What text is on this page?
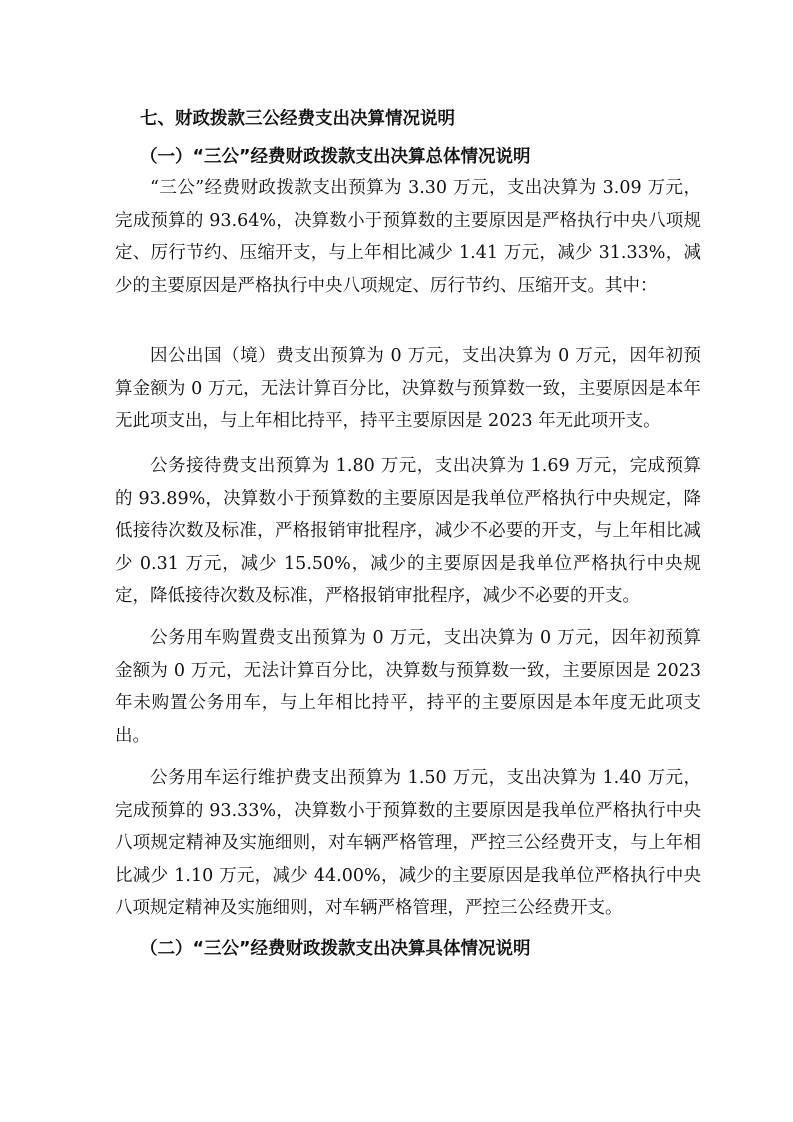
七、财政拨款三公经费支出决算情况说明
（一）“三公”经费财政拨款支出决算总体情况说明

“三公”经费财政拨款支出预算为 3.30 万元，支出决算为 3.09 万元，完成预算的 93.64%，决算数小于预算数的主要原因是严格执行中央八项规定、厉行节约、压缩开支，与上年相比减少 1.41 万元，减少 31.33%，减少的主要原因是严格执行中央八项规定、厉行节约、压缩开支。其中：

因公出国（境）费支出预算为 0 万元，支出决算为 0 万元，因年初预算金额为 0 万元，无法计算百分比，决算数与预算数一致，主要原因是本年无此项支出，与上年相比持平，持平主要原因是 2023 年无此项开支。

公务接待费支出预算为 1.80 万元，支出决算为 1.69 万元，完成预算的 93.89%，决算数小于预算数的主要原因是我单位严格执行中央规定，降低接待次数及标准，严格报销审批程序，减少不必要的开支，与上年相比减少 0.31 万元，减少 15.50%，减少的主要原因是我单位严格执行中央规定，降低接待次数及标准，严格报销审批程序，减少不必要的开支。

公务用车购置费支出预算为 0 万元，支出决算为 0 万元，因年初预算金额为 0 万元，无法计算百分比，决算数与预算数一致，主要原因是 2023 年未购置公务用车，与上年相比持平，持平的主要原因是本年度无此项支出。

公务用车运行维护费支出预算为 1.50 万元，支出决算为 1.40 万元，完成预算的 93.33%，决算数小于预算数的主要原因是我单位严格执行中央八项规定精神及实施细则，对车辆严格管理，严控三公经费开支，与上年相比减少 1.10 万元，减少 44.00%，减少的主要原因是我单位严格执行中央八项规定精神及实施细则，对车辆严格管理，严控三公经费开支。

（二）“三公”经费财政拨款支出决算具体情况说明
